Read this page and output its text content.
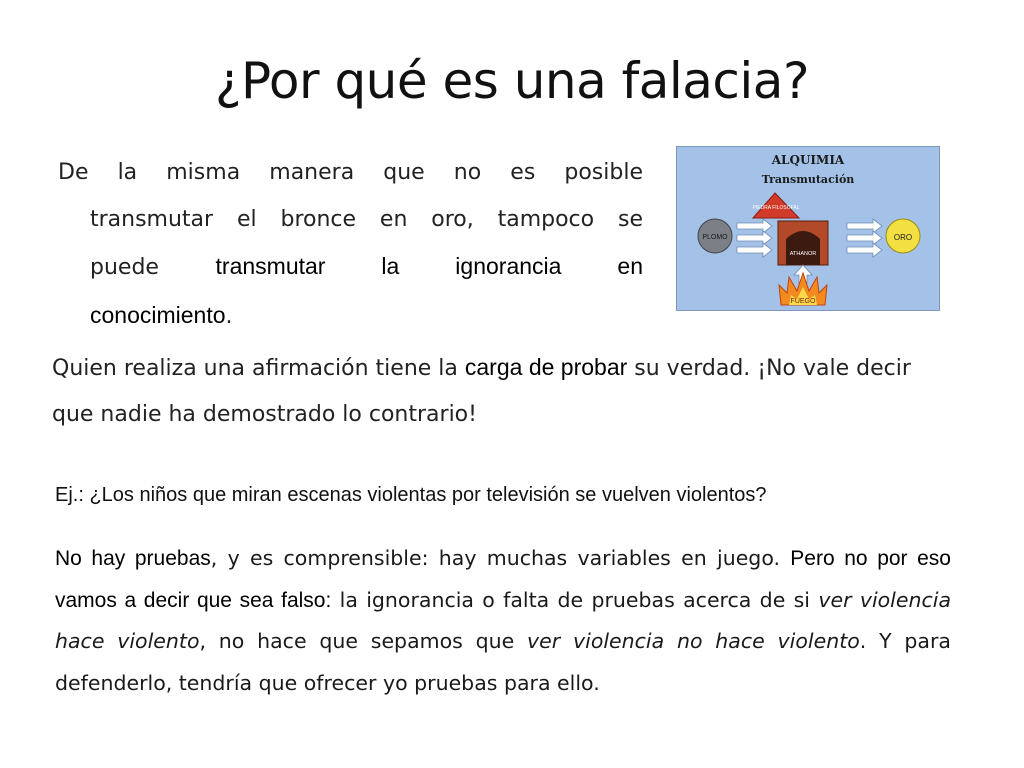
¿Por qué es una falacia?
De la misma manera que no es posible
transmutar el bronce en oro, tampoco se
puede transmutar la ignorancia en
conocimiento.
ALQUIMIA
Transmutación
PIEDRA FILOSOFAL
PLOMO
ATHANOR
ORO
FUEGO
Quien realiza una afirmación tiene la carga de probar su verdad. ¡No vale decir que nadie ha demostrado lo contrario!
Ej.: ¿Los niños que miran escenas violentas por televisión se vuelven violentos?
No hay pruebas, y es comprensible: hay muchas variables en juego. Pero no por eso vamos a decir que sea falso: la ignorancia o falta de pruebas acerca de si ver violencia hace violento, no hace que sepamos que ver violencia no hace violento. Y para defenderlo, tendría que ofrecer yo pruebas para ello.
